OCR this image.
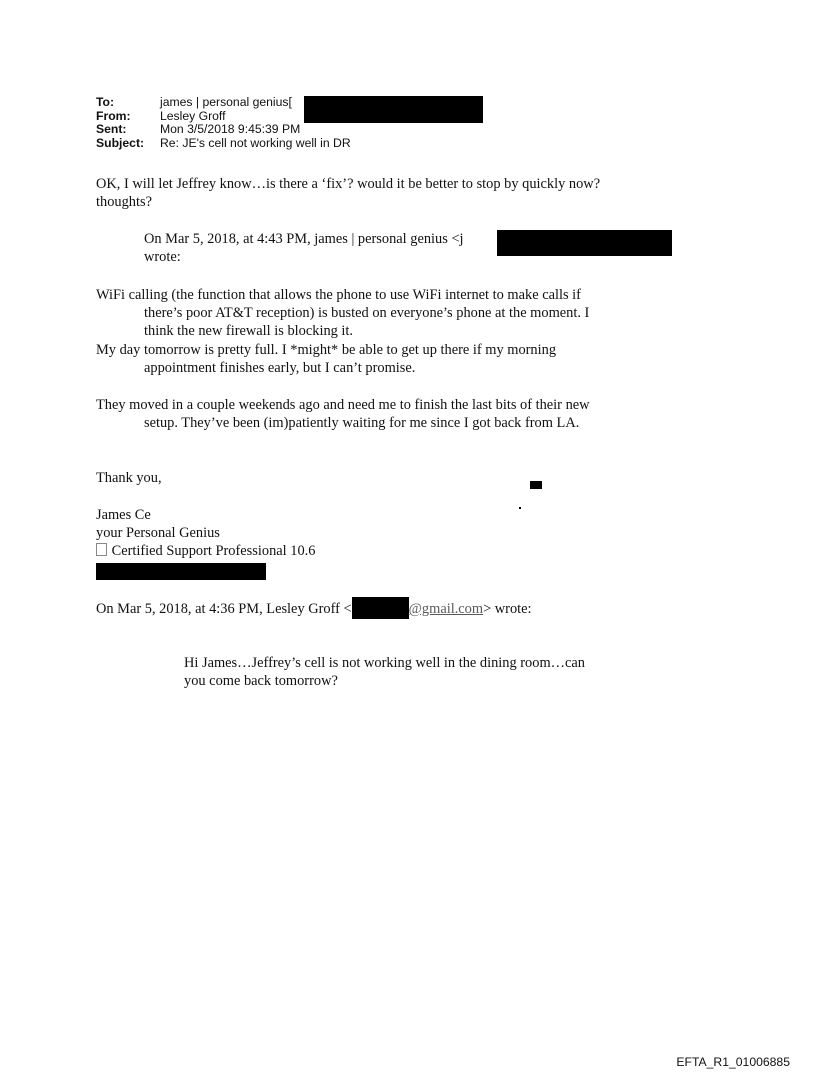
To:	james | personal genius[
From:	Lesley Groff
Sent:	Mon 3/5/2018 9:45:39 PM
Subject:	Re: JE's cell not working well in DR
OK, I will let Jeffrey know…is there a ‘fix’? would it be better to stop by quickly now?
thoughts?
On Mar 5, 2018, at 4:43 PM, james | personal genius <j
wrote:
WiFi calling (the function that allows the phone to use WiFi internet to make calls if
there’s poor AT&T reception) is busted on everyone’s phone at the moment. I
think the new firewall is blocking it.
My day tomorrow is pretty full. I *might* be able to get up there if my morning
appointment finishes early, but I can’t promise.
They moved in a couple weekends ago and need me to finish the last bits of their new
setup. They’ve been (im)patiently waiting for me since I got back from LA.
Thank you,
James Ce
your Personal Genius
Certified Support Professional 10.6
On Mar 5, 2018, at 4:36 PM, Lesley Groff <	@gmail.com> wrote:
Hi James…Jeffrey’s cell is not working well in the dining room…can
you come back tomorrow?
EFTA_R1_01006885
